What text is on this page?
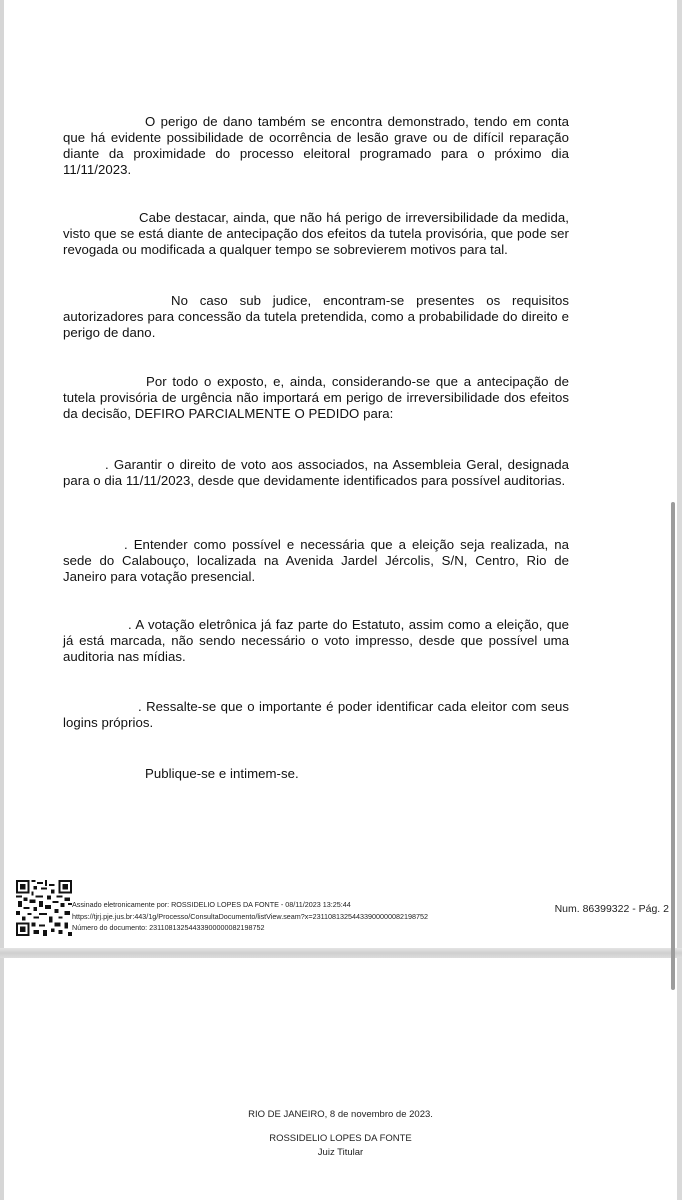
O perigo de dano também se encontra demonstrado, tendo em conta que há evidente possibilidade de ocorrência de lesão grave ou de difícil reparação diante da proximidade do processo eleitoral programado para o próximo dia 11/11/2023.
Cabe destacar, ainda, que não há perigo de irreversibilidade da medida, visto que se está diante de antecipação dos efeitos da tutela provisória, que pode ser revogada ou modificada a qualquer tempo se sobrevierem motivos para tal.
No caso sub judice, encontram-se presentes os requisitos autorizadores para concessão da tutela pretendida, como a probabilidade do direito e perigo de dano.
Por todo o exposto, e, ainda, considerando-se que a antecipação de tutela provisória de urgência não importará em perigo de irreversibilidade dos efeitos da decisão, DEFIRO PARCIALMENTE O PEDIDO para:
. Garantir o direito de voto aos associados, na Assembleia Geral, designada para o dia 11/11/2023, desde que devidamente identificados para possível auditorias.
. Entender como possível e necessária que a eleição seja realizada, na sede do Calabouço, localizada na Avenida Jardel Jércolis, S/N, Centro, Rio de Janeiro para votação presencial.
. A votação eletrônica já faz parte do Estatuto, assim como a eleição, que já está marcada, não sendo necessário o voto impresso, desde que possível uma auditoria nas mídias.
. Ressalte-se que o importante é poder identificar cada eleitor com seus logins próprios.
Publique-se e intimem-se.
Assinado eletronicamente por: ROSSIDELIO LOPES DA FONTE - 08/11/2023 13:25:44
https://tjrj.pje.jus.br:443/1g/Processo/ConsultaDocumento/listView.seam?x=23110813254433900000082198752
Número do documento: 23110813254433900000082198752
Num. 86399322 - Pág. 2
RIO DE JANEIRO, 8 de novembro de 2023.
ROSSIDELIO LOPES DA FONTE
Juiz Titular
